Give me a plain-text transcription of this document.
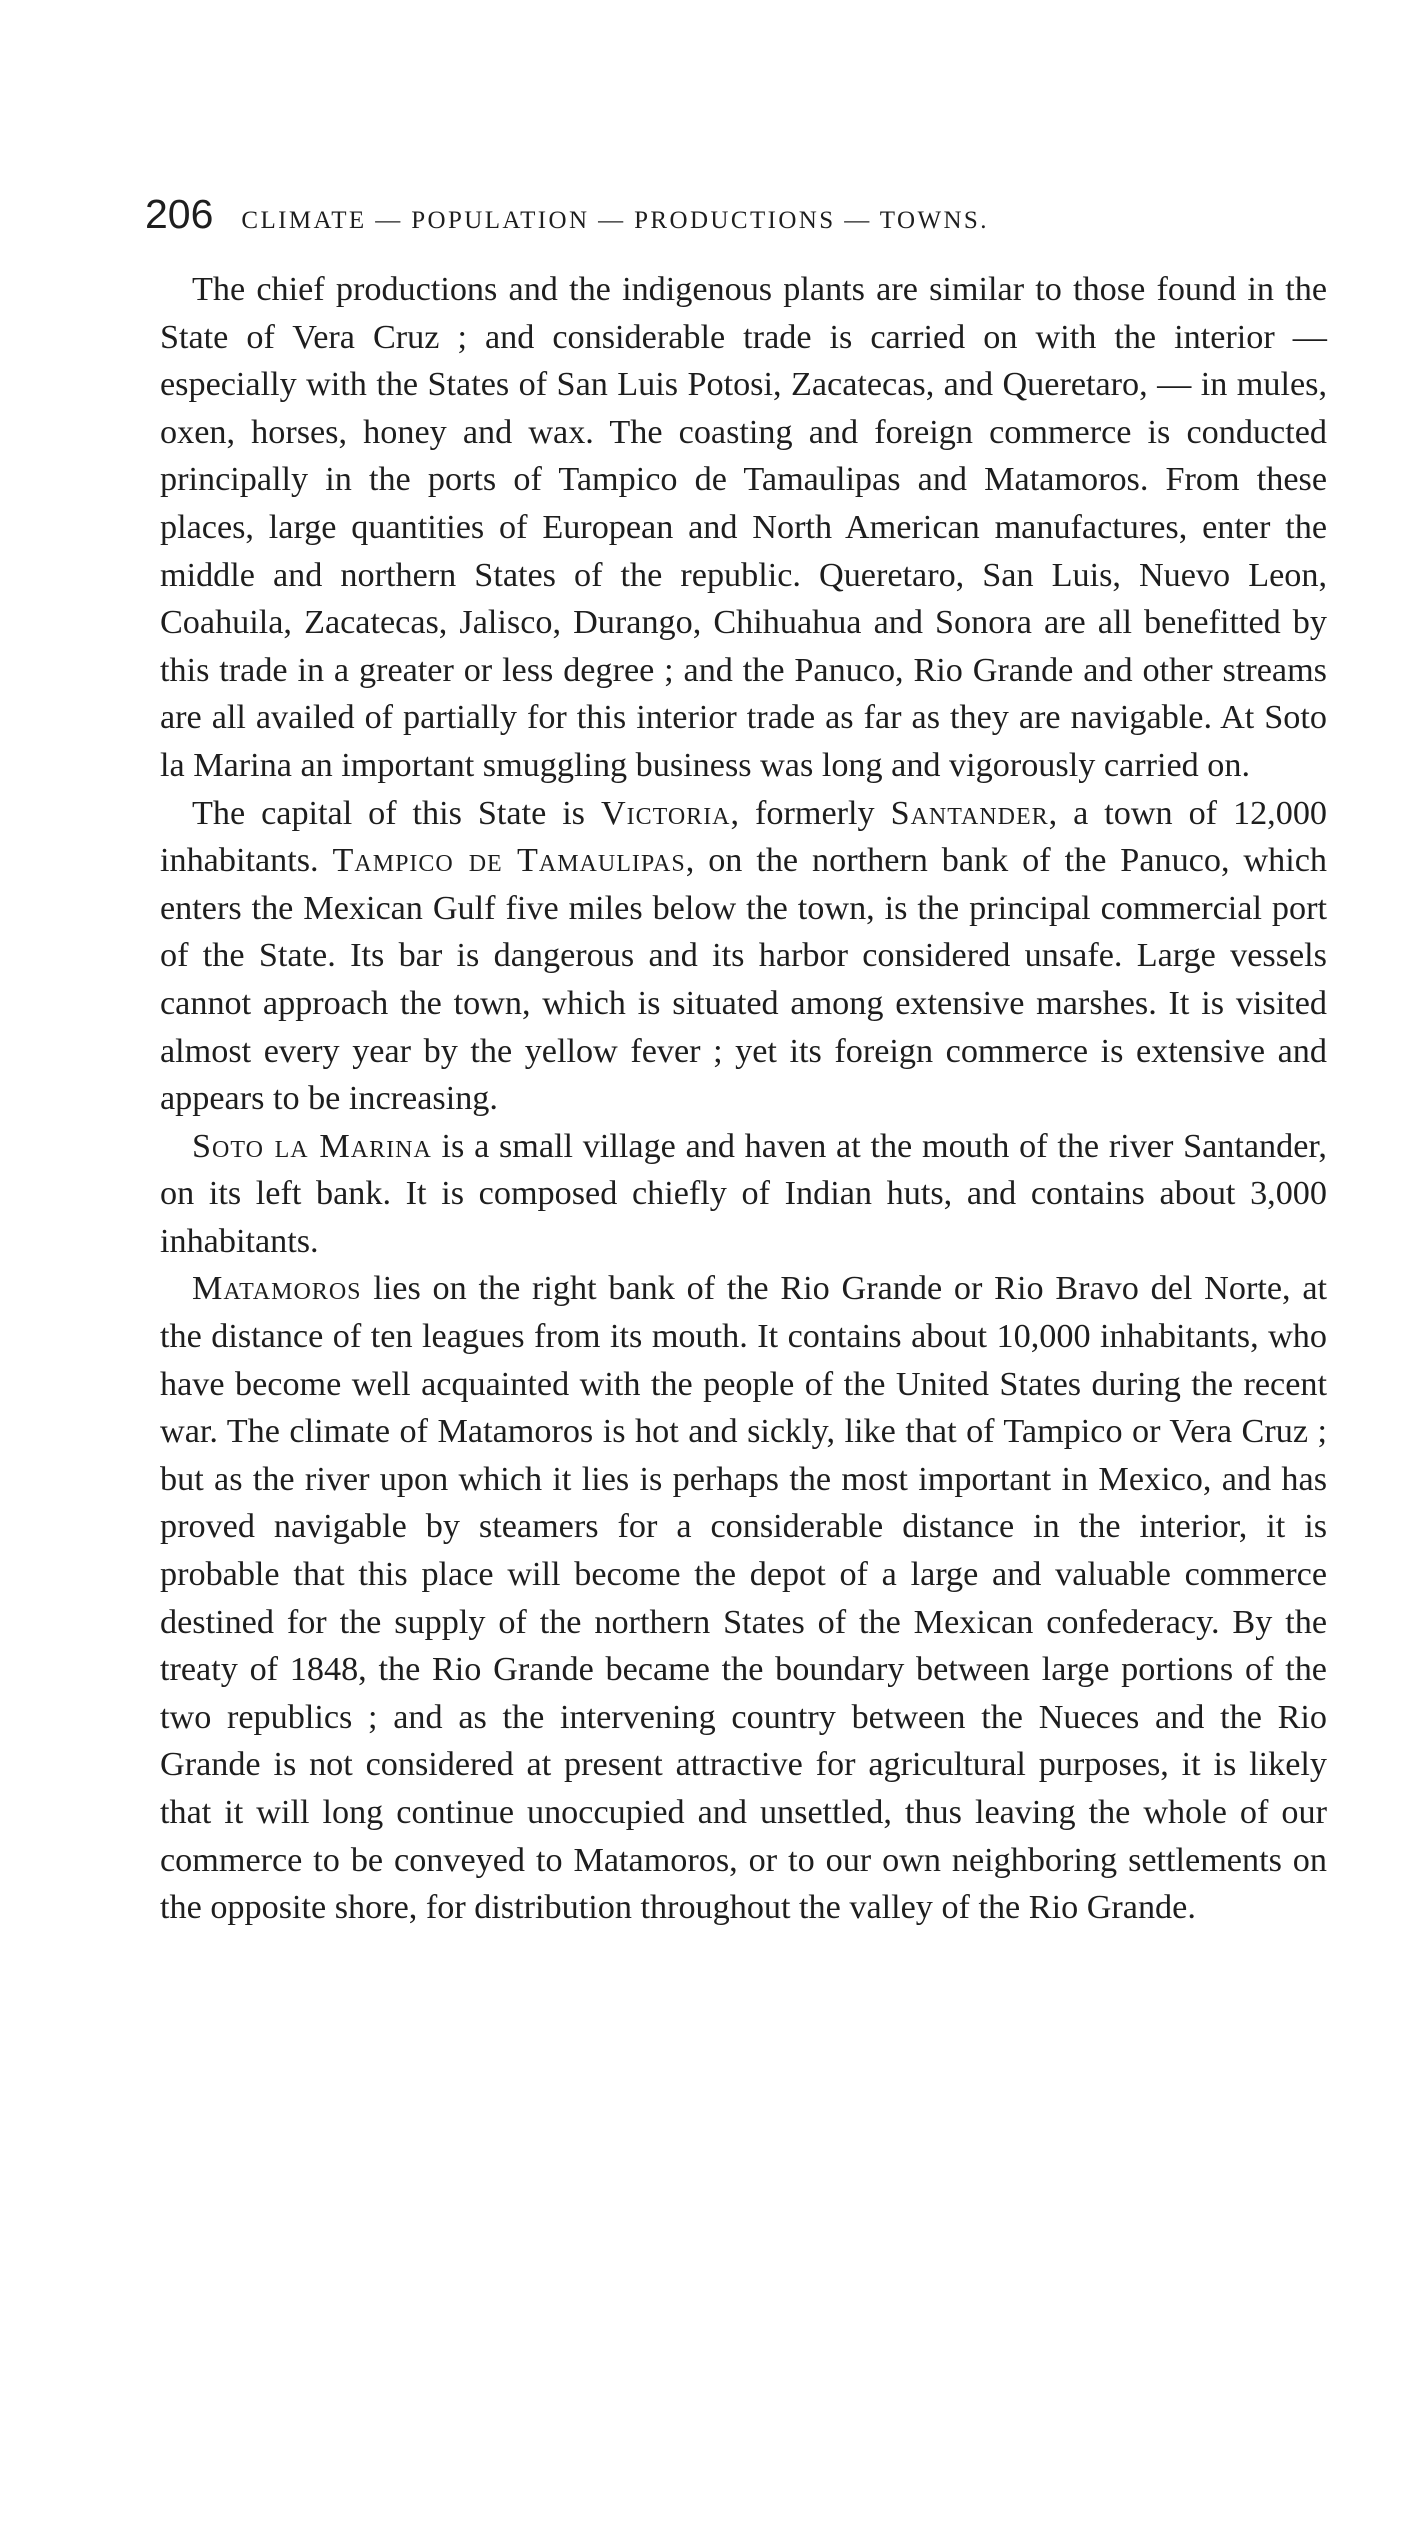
206 CLIMATE — POPULATION — PRODUCTIONS — TOWNS.

The chief productions and the indigenous plants are similar to those found in the State of Vera Cruz ; and considerable trade is carried on with the interior — especially with the States of San Luis Potosi, Zacatecas, and Queretaro, — in mules, oxen, horses, honey and wax. The coasting and foreign commerce is conducted principally in the ports of Tampico de Tamaulipas and Matamoros. From these places, large quantities of European and North American manufactures, enter the middle and northern States of the republic. Queretaro, San Luis, Nuevo Leon, Coahuila, Zacatecas, Jalisco, Durango, Chihuahua and Sonora are all benefitted by this trade in a greater or less degree ; and the Panuco, Rio Grande and other streams are all availed of partially for this interior trade as far as they are navigable. At Soto la Marina an important smuggling business was long and vigorously carried on.

The capital of this State is Victoria, formerly Santander, a town of 12,000 inhabitants. Tampico de Tamaulipas, on the northern bank of the Panuco, which enters the Mexican Gulf five miles below the town, is the principal commercial port of the State. Its bar is dangerous and its harbor considered unsafe. Large vessels cannot approach the town, which is situated among extensive marshes. It is visited almost every year by the yellow fever ; yet its foreign commerce is extensive and appears to be increasing.

Soto la Marina is a small village and haven at the mouth of the river Santander, on its left bank. It is composed chiefly of Indian huts, and contains about 3,000 inhabitants.

Matamoros lies on the right bank of the Rio Grande or Rio Bravo del Norte, at the distance of ten leagues from its mouth. It contains about 10,000 inhabitants, who have become well acquainted with the people of the United States during the recent war. The climate of Matamoros is hot and sickly, like that of Tampico or Vera Cruz ; but as the river upon which it lies is perhaps the most important in Mexico, and has proved navigable by steamers for a considerable distance in the interior, it is probable that this place will become the depot of a large and valuable commerce destined for the supply of the northern States of the Mexican confederacy. By the treaty of 1848, the Rio Grande became the boundary between large portions of the two republics ; and as the intervening country between the Nueces and the Rio Grande is not considered at present attractive for agricultural purposes, it is likely that it will long continue unoccupied and unsettled, thus leaving the whole of our commerce to be conveyed to Matamoros, or to our own neighboring settlements on the opposite shore, for distribution throughout the valley of the Rio Grande.
